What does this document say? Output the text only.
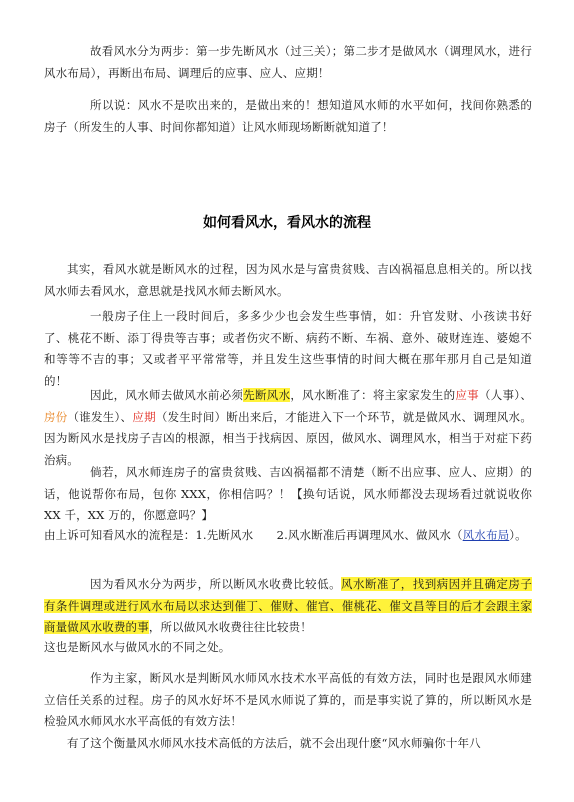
故看风水分为两步：第一步先断风水（过三关）；第二步才是做风水（调理风水，进行风水布局），再断出布局、调理后的应事、应人、应期！

所以说：风水不是吹出来的，是做出来的！想知道风水师的水平如何，找间你熟悉的房子（所发生的人事、时间你都知道）让风水师现场断断就知道了！

如何看风水，看风水的流程

其实，看风水就是断风水的过程，因为风水是与富贵贫贱、吉凶祸福息息相关的。所以找风水师去看风水，意思就是找风水师去断风水。

一般房子住上一段时间后，多多少少也会发生些事情，如：升官发财、小孩读书好了、桃花不断、添丁得贵等吉事；或者伤灾不断、病药不断、车祸、意外、破财连连、婆媳不和等等不吉的事；又或者平平常常等，并且发生这些事情的时间大概在那年那月自己是知道的！

因此，风水师去做风水前必须先断风水，风水断准了：将主家家发生的应事（人事）、房份（谁发生）、应期（发生时间）断出来后，才能进入下一个环节，就是做风水、调理风水。因为断风水是找房子吉凶的根源，相当于找病因、原因，做风水、调理风水，相当于对症下药治病。

倘若，风水师连房子的富贵贫贱、吉凶祸福都不清楚（断不出应事、应人、应期）的话，他说帮你布局，包你 XXX，你相信吗？！【换句话说，风水师都没去现场看过就说收你 XX 千，XX 万的，你愿意吗？】

由上诉可知看风水的流程是：1.先断风水　　2.风水断准后再调理风水、做风水（风水布局）。

因为看风水分为两步，所以断风水收费比较低。风水断准了，找到病因并且确定房子有条件调理或进行风水布局以求达到催丁、催财、催官、催桃花、催文昌等目的后才会跟主家商量做风水收费的事，所以做风水收费往往比较贵！

这也是断风水与做风水的不同之处。

作为主家，断风水是判断风水师风水技术水平高低的有效方法，同时也是跟风水师建立信任关系的过程。房子的风水好坏不是风水师说了算的，而是事实说了算的，所以断风水是检验风水师风水水平高低的有效方法！

有了这个衡量风水师风水技术高低的方法后，就不会出现什麽“风水师骗你十年八
